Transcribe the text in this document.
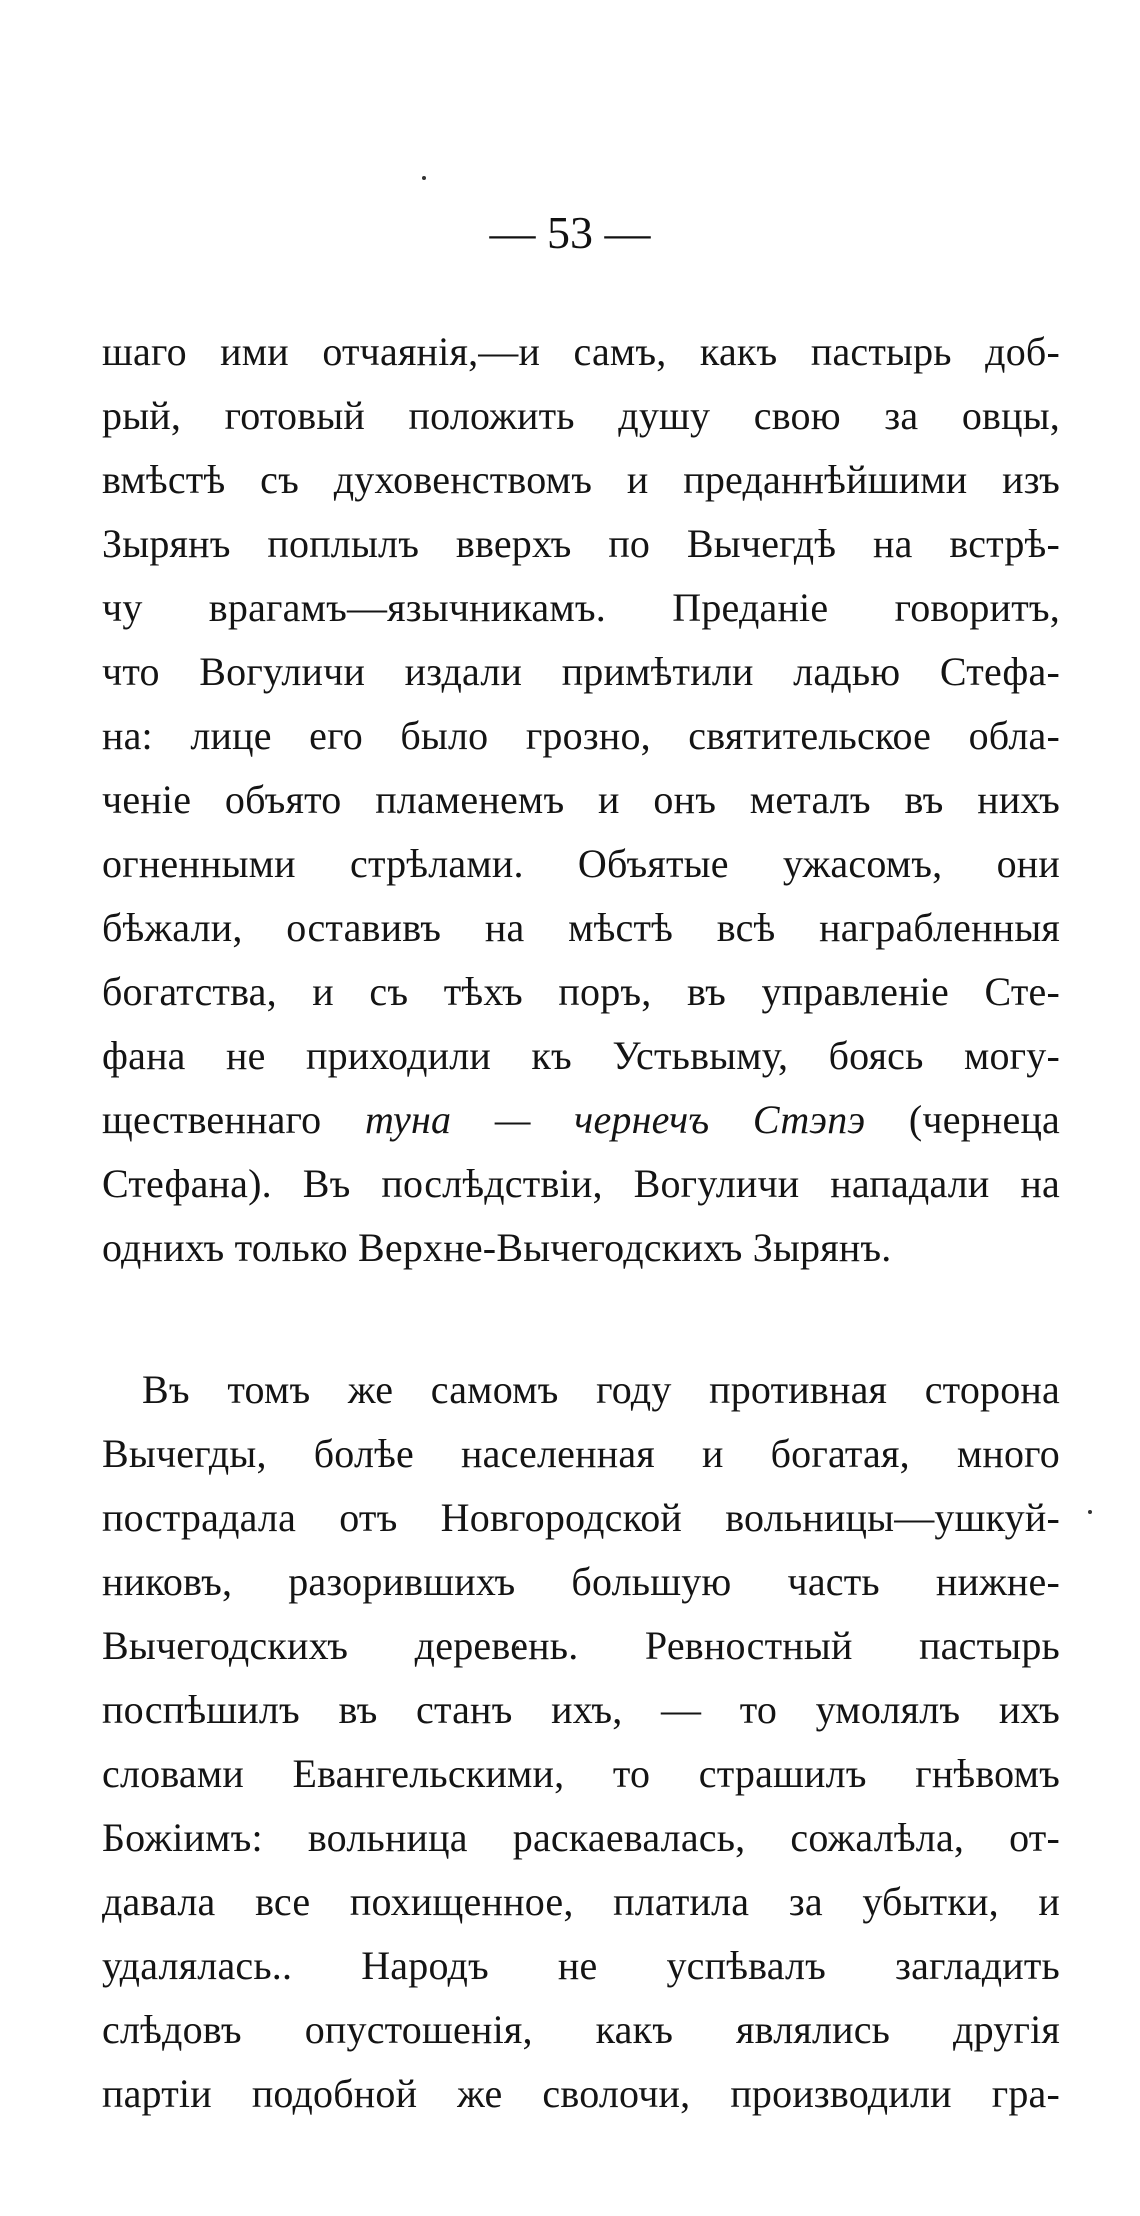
— 53 —
шаго ими отчаянія,—и самъ, какъ пастырь доб-
рый, готовый положить душу свою за овцы,
вмѣстѣ съ духовенствомъ и преданнѣйшими изъ
Зырянъ поплылъ вверхъ по Вычегдѣ на встрѣ-
чу врагамъ—язычникамъ. Преданіе говоритъ,
что Вогуличи издали примѣтили ладью Стефа-
на: лице его было грозно, святительское обла-
ченіе объято пламенемъ и онъ металъ въ нихъ
огненными стрѣлами. Объятые ужасомъ, они
бѣжали, оставивъ на мѣстѣ всѣ награбленныя
богатства, и съ тѣхъ поръ, въ управленіе Сте-
фана не приходили къ Устьвыму, боясь могу-
щественнаго туна — чернечъ Стэпэ (чернеца
Стефана). Въ послѣдствіи, Вогуличи нападали на
однихъ только Верхне-Вычегодскихъ Зырянъ.
Въ томъ же самомъ году противная сторона
Вычегды, болѣе населенная и богатая, много
пострадала отъ Новгородской вольницы—ушкуй-
никовъ, разорившихъ большую часть нижне-
Вычегодскихъ деревень. Ревностный пастырь
поспѣшилъ въ станъ ихъ, — то умолялъ ихъ
словами Евангельскими, то страшилъ гнѣвомъ
Божіимъ: вольница раскаевалась, сожалѣла, от-
давала все похищенное, платила за убытки, и
удалялась.. Народъ не успѣвалъ загладить
слѣдовъ опустошенія, какъ являлись другія
партіи подобной же сволочи, производили гра-
